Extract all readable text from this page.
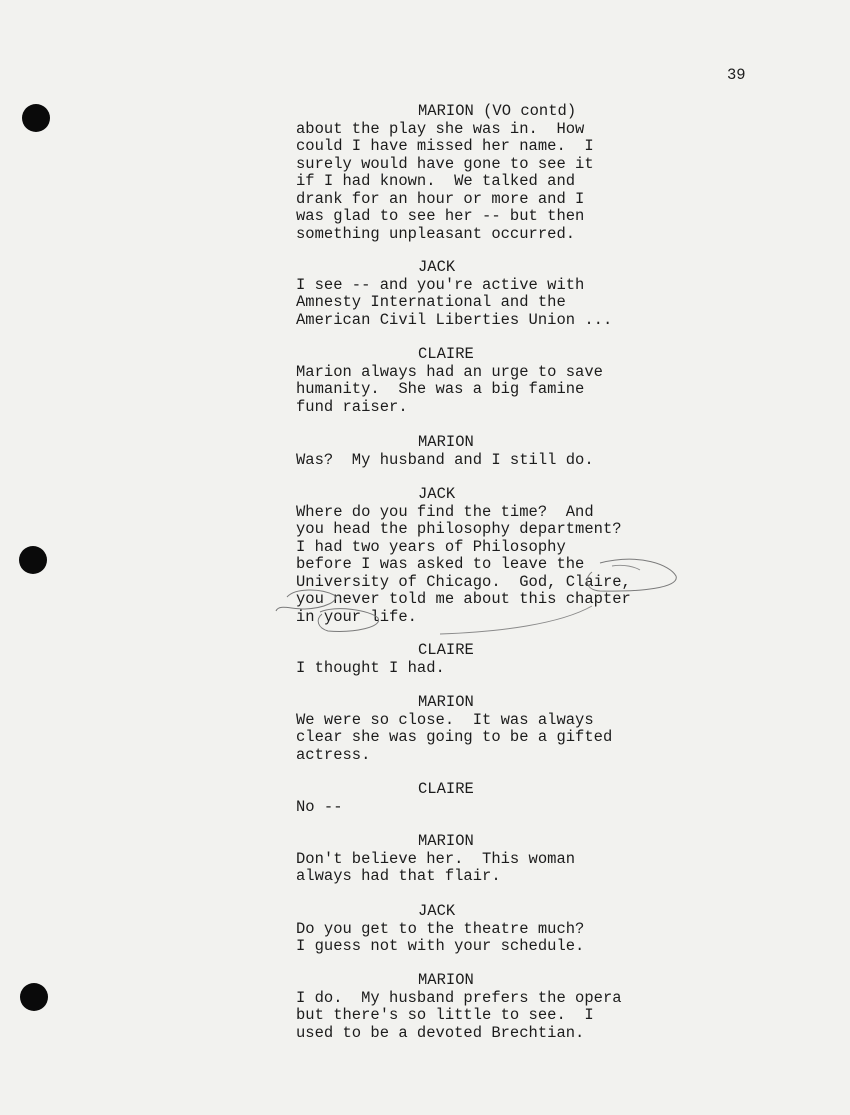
39
MARION (VO contd)
about the play she was in.  How
could I have missed her name.  I
surely would have gone to see it
if I had known.  We talked and
drank for an hour or more and I
was glad to see her -- but then
something unpleasant occurred.
JACK
I see -- and you're active with
Amnesty International and the
American Civil Liberties Union ...
CLAIRE
Marion always had an urge to save
humanity.  She was a big famine
fund raiser.
MARION
Was?  My husband and I still do.
JACK
Where do you find the time?  And
you head the philosophy department?
I had two years of Philosophy
before I was asked to leave the
University of Chicago.  God, Claire,
you never told me about this chapter
in your life.
CLAIRE
I thought I had.
MARION
We were so close.  It was always
clear she was going to be a gifted
actress.
CLAIRE
No --
MARION
Don't believe her.  This woman
always had that flair.
JACK
Do you get to the theatre much?
I guess not with your schedule.
MARION
I do.  My husband prefers the opera
but there's so little to see.  I
used to be a devoted Brechtian.
